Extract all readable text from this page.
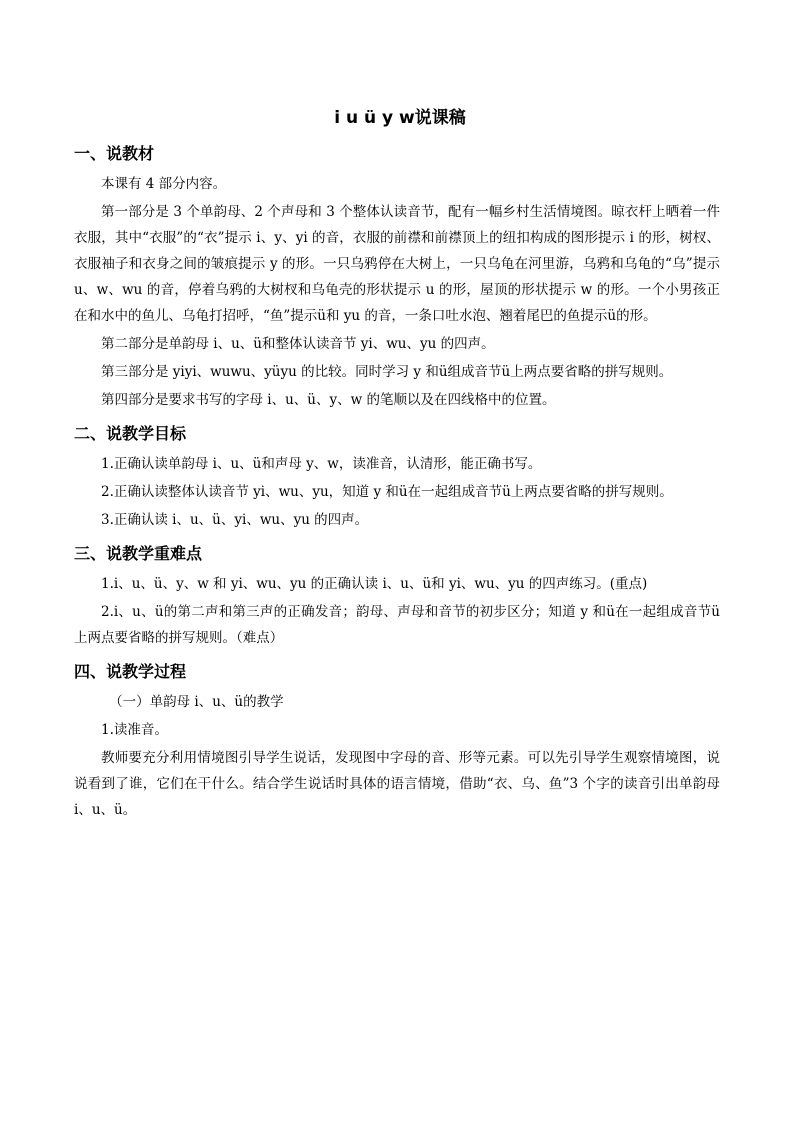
i u ü y w说课稿
一、说教材

本课有 4 部分内容。

第一部分是 3 个单韵母、2 个声母和 3 个整体认读音节，配有一幅乡村生活情境图。晾衣杆上晒着一件衣服，其中“衣服”的“衣”提示 i、y、yi 的音，衣服的前襟和前襟顶上的纽扣构成的图形提示 i 的形，树杈、衣服袖子和衣身之间的皱痕提示 y 的形。一只乌鸦停在大树上，一只乌龟在河里游，乌鸦和乌龟的“乌”提示 u、w、wu 的音，停着乌鸦的大树杈和乌龟壳的形状提示 u 的形，屋顶的形状提示 w 的形。一个小男孩正在和水中的鱼儿、乌龟打招呼，“鱼”提示ü和 yu 的音，一条口吐水泡、翘着尾巴的鱼提示ü的形。

第二部分是单韵母 i、u、ü和整体认读音节 yi、wu、yu 的四声。

第三部分是 yiyi、wuwu、yüyu 的比较。同时学习 y 和ü组成音节ü上两点要省略的拼写规则。

第四部分是要求书写的字母 i、u、ü、y、w 的笔顺以及在四线格中的位置。

二、说教学目标

1.正确认读单韵母 i、u、ü和声母 y、w，读准音，认清形，能正确书写。

2.正确认读整体认读音节 yi、wu、yu，知道 y 和ü在一起组成音节ü上两点要省略的拼写规则。

3.正确认读 i、u、ü、yi、wu、yu 的四声。

三、说教学重难点

1.i、u、ü、y、w 和 yi、wu、yu 的正确认读 i、u、ü和 yi、wu、yu 的四声练习。(重点)

2.i、u、ü的第二声和第三声的正确发音；韵母、声母和音节的初步区分；知道 y 和ü在一起组成音节ü上两点要省略的拼写规则。（难点）

四、说教学过程

（一）单韵母 i、u、ü的教学

1.读准音。

教师要充分利用情境图引导学生说话，发现图中字母的音、形等元素。可以先引导学生观察情境图，说说看到了谁，它们在干什么。结合学生说话时具体的语言情境，借助“衣、乌、鱼”3 个字的读音引出单韵母 i、u、ü。
